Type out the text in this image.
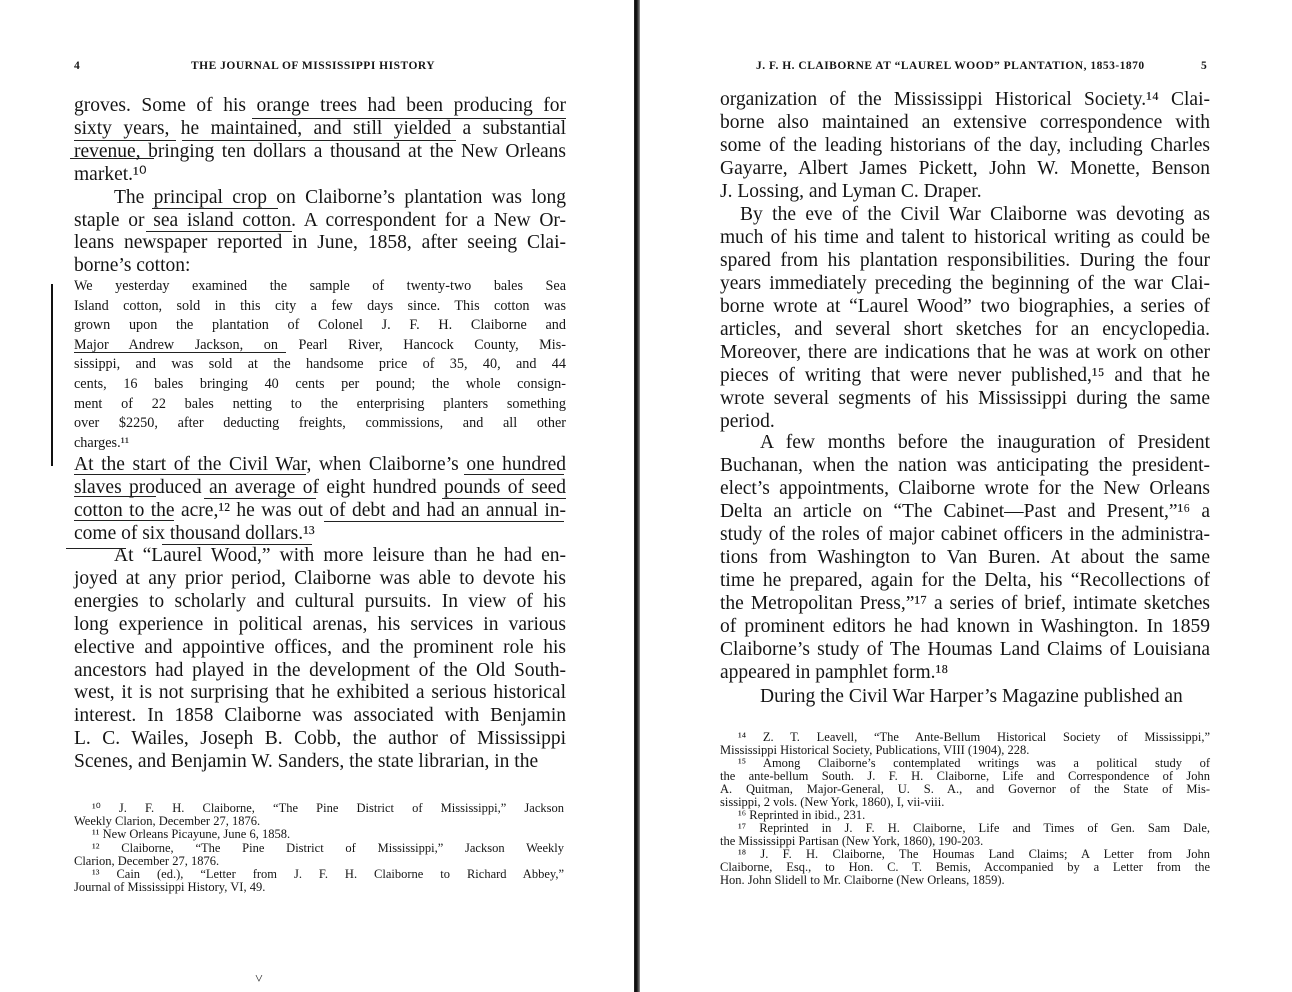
4	THE JOURNAL OF MISSISSIPPI HISTORY
groves. Some of his orange trees had been producing for
sixty years, he maintained, and still yielded a substantial
revenue, bringing ten dollars a thousand at the New Orleans
market.¹⁰
The principal crop on Claiborne’s plantation was long
staple or sea island cotton. A correspondent for a New Or-
leans newspaper reported in June, 1858, after seeing Clai-
borne’s cotton:
We yesterday examined the sample of twenty-two bales Sea
Island cotton, sold in this city a few days since. This cotton was
grown upon the plantation of Colonel J. F. H. Claiborne and
Major Andrew Jackson, on Pearl River, Hancock County, Mis-
sissippi, and was sold at the handsome price of 35, 40, and 44
cents, 16 bales bringing 40 cents per pound; the whole consign-
ment of 22 bales netting to the enterprising planters something
over $2250, after deducting freights, commissions, and all other
charges.¹¹
At the start of the Civil War, when Claiborne’s one hundred
slaves produced an average of eight hundred pounds of seed
cotton to the acre,¹² he was out of debt and had an annual in-
come of six thousand dollars.¹³
At “Laurel Wood,” with more leisure than he had en-
joyed at any prior period, Claiborne was able to devote his
energies to scholarly and cultural pursuits. In view of his
long experience in political arenas, his services in various
elective and appointive offices, and the prominent role his
ancestors had played in the development of the Old South-
west, it is not surprising that he exhibited a serious historical
interest. In 1858 Claiborne was associated with Benjamin
L. C. Wailes, Joseph B. Cobb, the author of Mississippi
Scenes, and Benjamin W. Sanders, the state librarian, in the
¹⁰ J. F. H. Claiborne, “The Pine District of Mississippi,” Jackson
Weekly Clarion, December 27, 1876.
¹¹ New Orleans Picayune, June 6, 1858.
¹² Claiborne, “The Pine District of Mississippi,” Jackson Weekly
Clarion, December 27, 1876.
¹³ Cain (ed.), “Letter from J. F. H. Claiborne to Richard Abbey,”
Journal of Mississippi History, VI, 49.
J. F. H. CLAIBORNE AT “LAUREL WOOD” PLANTATION, 1853-1870	5
organization of the Mississippi Historical Society.¹⁴ Clai-
borne also maintained an extensive correspondence with
some of the leading historians of the day, including Charles
Gayarre, Albert James Pickett, John W. Monette, Benson
J. Lossing, and Lyman C. Draper.
By the eve of the Civil War Claiborne was devoting as
much of his time and talent to historical writing as could be
spared from his plantation responsibilities. During the four
years immediately preceding the beginning of the war Clai-
borne wrote at “Laurel Wood” two biographies, a series of
articles, and several short sketches for an encyclopedia.
Moreover, there are indications that he was at work on other
pieces of writing that were never published,¹⁵ and that he
wrote several segments of his Mississippi during the same
period.
A few months before the inauguration of President
Buchanan, when the nation was anticipating the president-
elect’s appointments, Claiborne wrote for the New Orleans
Delta an article on “The Cabinet—Past and Present,”¹⁶ a
study of the roles of major cabinet officers in the administra-
tions from Washington to Van Buren. At about the same
time he prepared, again for the Delta, his “Recollections of
the Metropolitan Press,”¹⁷ a series of brief, intimate sketches
of prominent editors he had known in Washington. In 1859
Claiborne’s study of The Houmas Land Claims of Louisiana
appeared in pamphlet form.¹⁸
During the Civil War Harper’s Magazine published an
¹⁴ Z. T. Leavell, “The Ante-Bellum Historical Society of Mississippi,”
Mississippi Historical Society, Publications, VIII (1904), 228.
¹⁵ Among Claiborne’s contemplated writings was a political study of
the ante-bellum South. J. F. H. Claiborne, Life and Correspondence of John
A. Quitman, Major-General, U. S. A., and Governor of the State of Mis-
sissippi, 2 vols. (New York, 1860), I, vii-viii.
¹⁶ Reprinted in ibid., 231.
¹⁷ Reprinted in J. F. H. Claiborne, Life and Times of Gen. Sam Dale,
the Mississippi Partisan (New York, 1860), 190-203.
¹⁸ J. F. H. Claiborne, The Houmas Land Claims; A Letter from John
Claiborne, Esq., to Hon. C. T. Bemis, Accompanied by a Letter from the
Hon. John Slidell to Mr. Claiborne (New Orleans, 1859).
˅
